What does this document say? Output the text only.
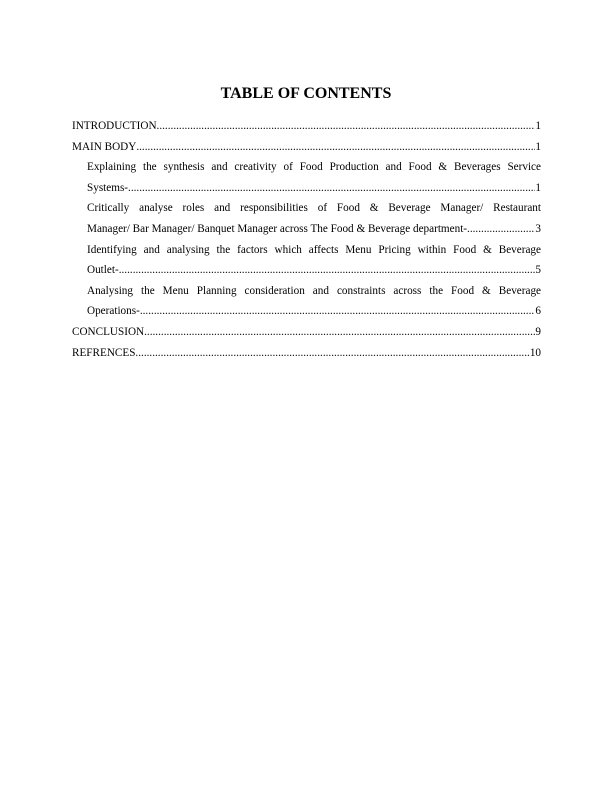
TABLE OF CONTENTS
INTRODUCTION .....	1
MAIN BODY .....	1
Explaining the synthesis and creativity of Food Production and Food & Beverages Service
Systems- .....	1
Critically analyse roles and responsibilities of Food & Beverage Manager/ Restaurant
Manager/ Bar Manager/ Banquet Manager across The Food & Beverage department- .....	3
Identifying and analysing the factors which affects Menu Pricing within Food & Beverage
Outlet- .....	5
Analysing the Menu Planning consideration and constraints across the Food & Beverage
Operations- .....	6
CONCLUSION .....	9
REFRENCES .....	10
